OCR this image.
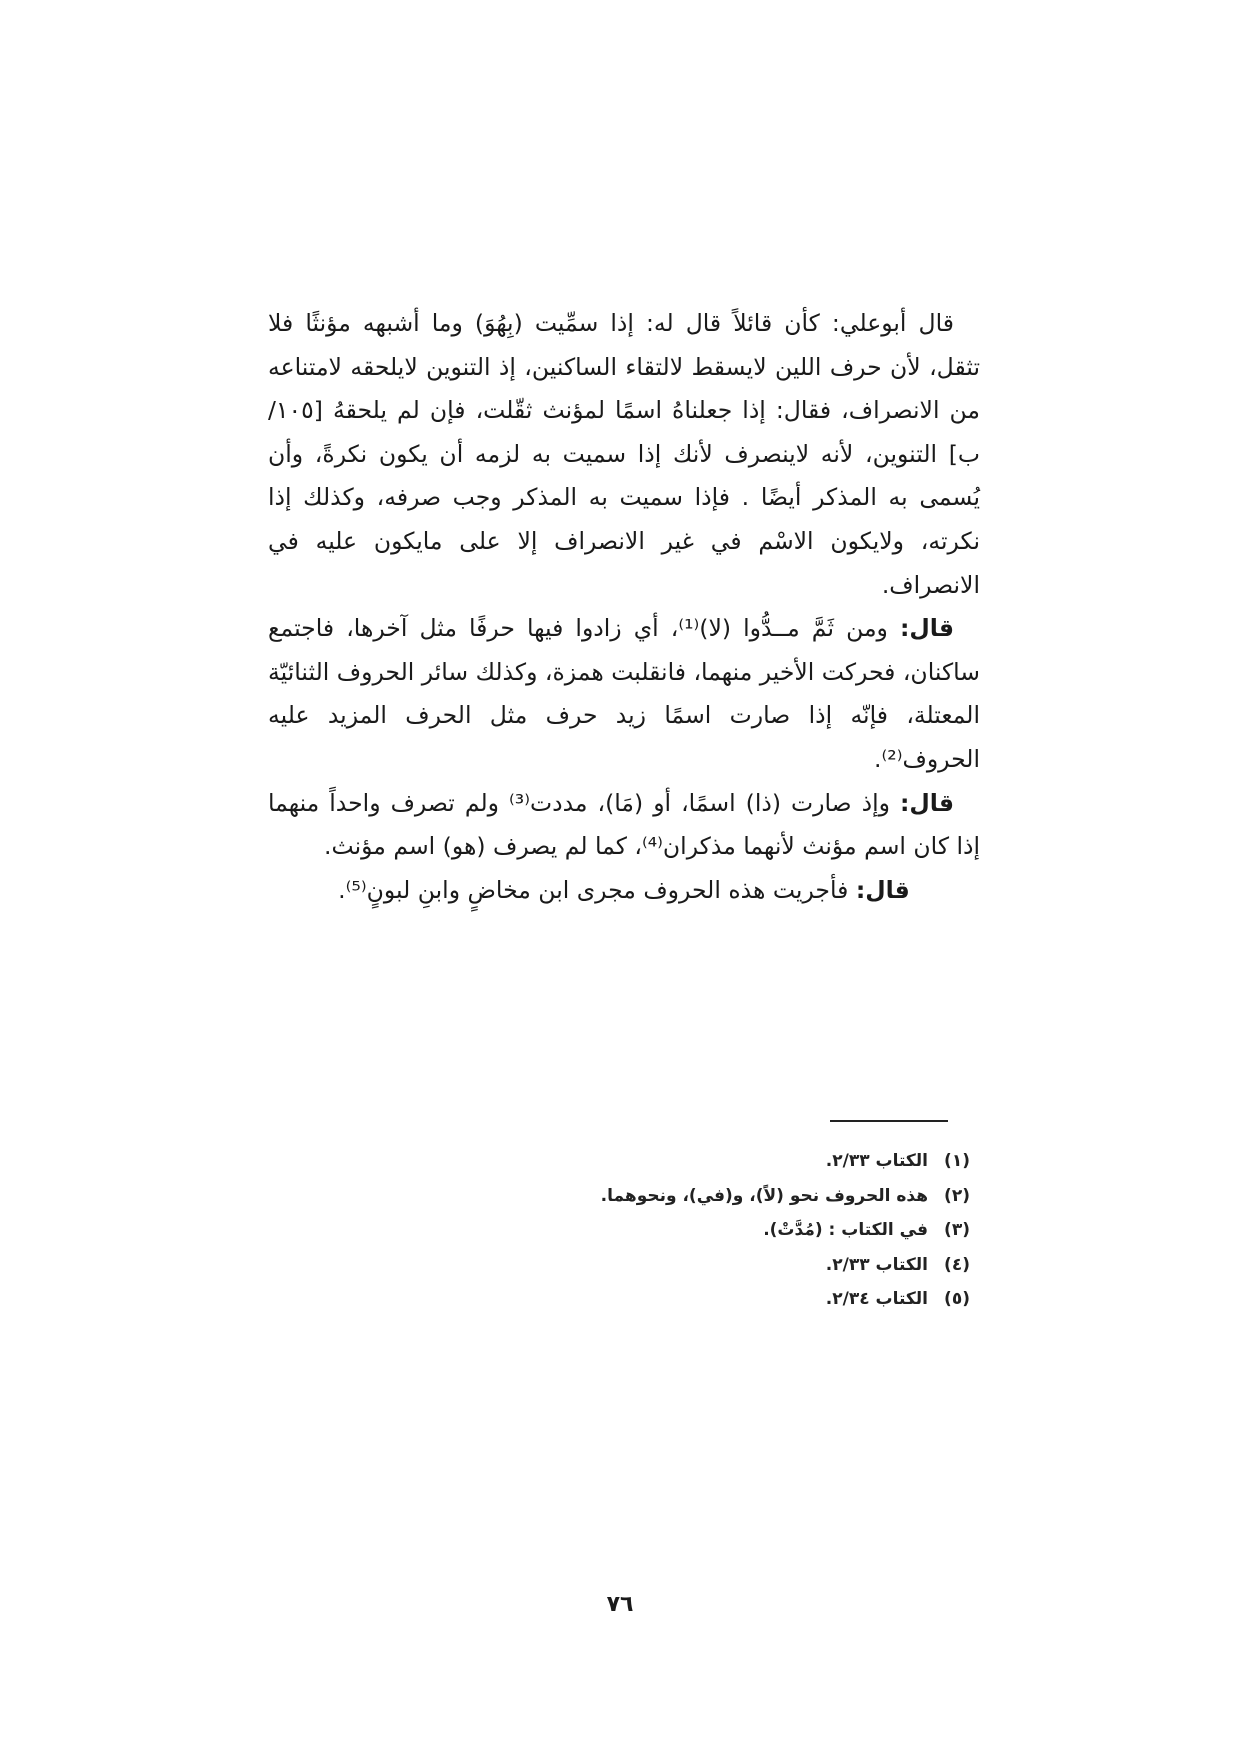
قال أبوعلي: كأن قائلاً قال له: إذا سمِّيت (بِهُوَ) وما أشبهه مؤنثًا فلا تثقل، لأن حرف اللين لايسقط لالتقاء الساكنين، إذ التنوين لايلحقه لامتناعه من الانصراف، فقال: إذا جعلناهُ اسمًا لمؤنث ثقّلت، فإن لم يلحقهُ [١٠٥/ب] التنوين، لأنه لاينصرف لأنك إذا سميت به لزمه أن يكون نكرةً، وأن يُسمى به المذكر أيضًا . فإذا سميت به المذكر وجب صرفه، وكذلك إذا نكرته، ولايكون الاسْم في غير الانصراف إلا على مايكون عليه في الانصراف.

قال: ومن ثَمَّ مــدُّوا (لا)⁽¹⁾، أي زادوا فيها حرفًا مثل آخرها، فاجتمع ساكنان، فحركت الأخير منهما، فانقلبت همزة، وكذلك سائر الحروف الثنائيّة المعتلة، فإنّه إذا صارت اسمًا زيد حرف مثل الحرف المزيد عليه الحروف⁽²⁾.

قال: وإذ صارت (ذا) اسمًا، أو (مَا)، مددت⁽³⁾ ولم تصرف واحداً منهما إذا كان اسم مؤنث لأنهما مذكران⁽⁴⁾، كما لم يصرف (هو) اسم مؤنث.

قال: فأجريت هذه الحروف مجرى ابن مخاضٍ وابنِ لبونٍ⁽⁵⁾.

(١)
الكتاب ٢/٣٣.
(٢)
هذه الحروف نحو (لاً)، و(في)، ونحوهما.
(٣)
في الكتاب : (مُدَّتْ).
(٤)
الكتاب ٢/٣٣.
(٥)
الكتاب ٢/٣٤.
٧٦
